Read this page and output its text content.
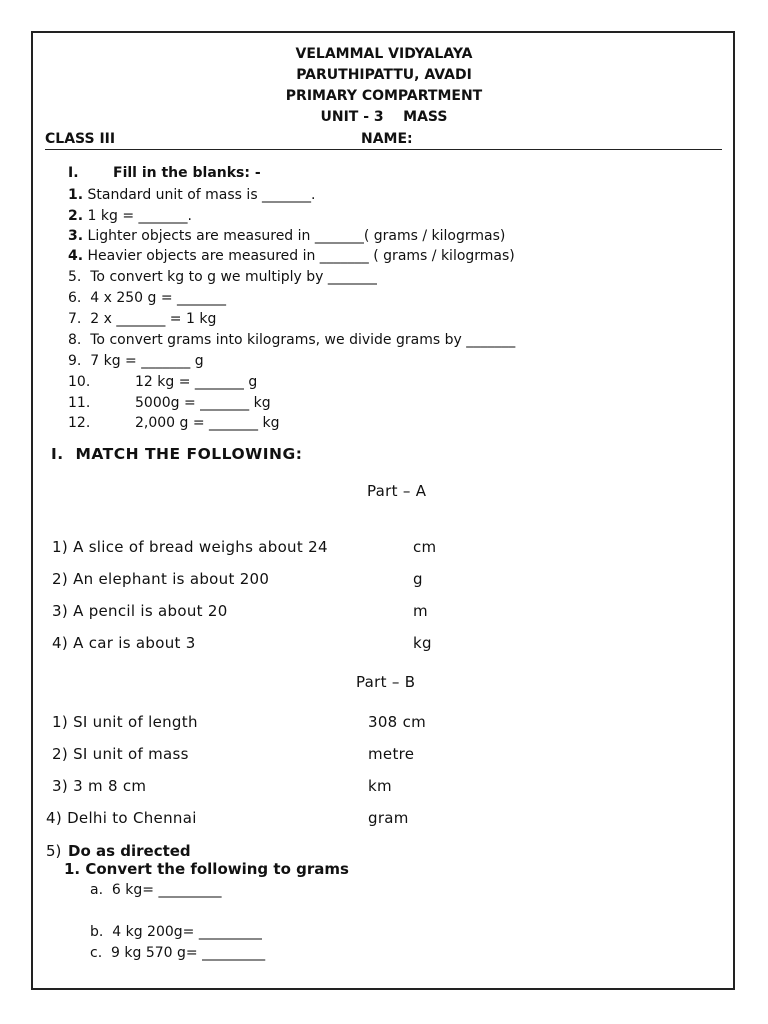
VELAMMAL VIDYALAYA
PARUTHIPATTU, AVADI
PRIMARY COMPARTMENT
UNIT - 3    MASS
CLASS III	NAME:
I. Fill in the blanks: -
1. Standard unit of mass is _______.
2. 1 kg = _______.
3. Lighter objects are measured in _______( grams / kilogrmas)
4. Heavier objects are measured in _______ ( grams / kilogrmas)
5.  To convert kg to g we multiply by _______
6.  4 x 250 g = _______
7.  2 x _______ = 1 kg
8.  To convert grams into kilograms, we divide grams by _______
9.  7 kg = _______ g
10.	12 kg = _______ g
11.	5000g = _______ kg
12.	2,000 g = _______ kg
I.  MATCH THE FOLLOWING:
Part – A
1) A slice of bread weighs about 24	cm
2) An elephant is about 200	g
3) A pencil is about 20	m
4) A car is about 3	kg
Part – B
1) SI unit of length	308 cm
2) SI unit of mass	metre
3) 3 m 8 cm	km
4) Delhi to Chennai	gram
5) Do as directed
1. Convert the following to grams
a.  6 kg= _________
b.  4 kg 200g= _________
c.  9 kg 570 g= _________
